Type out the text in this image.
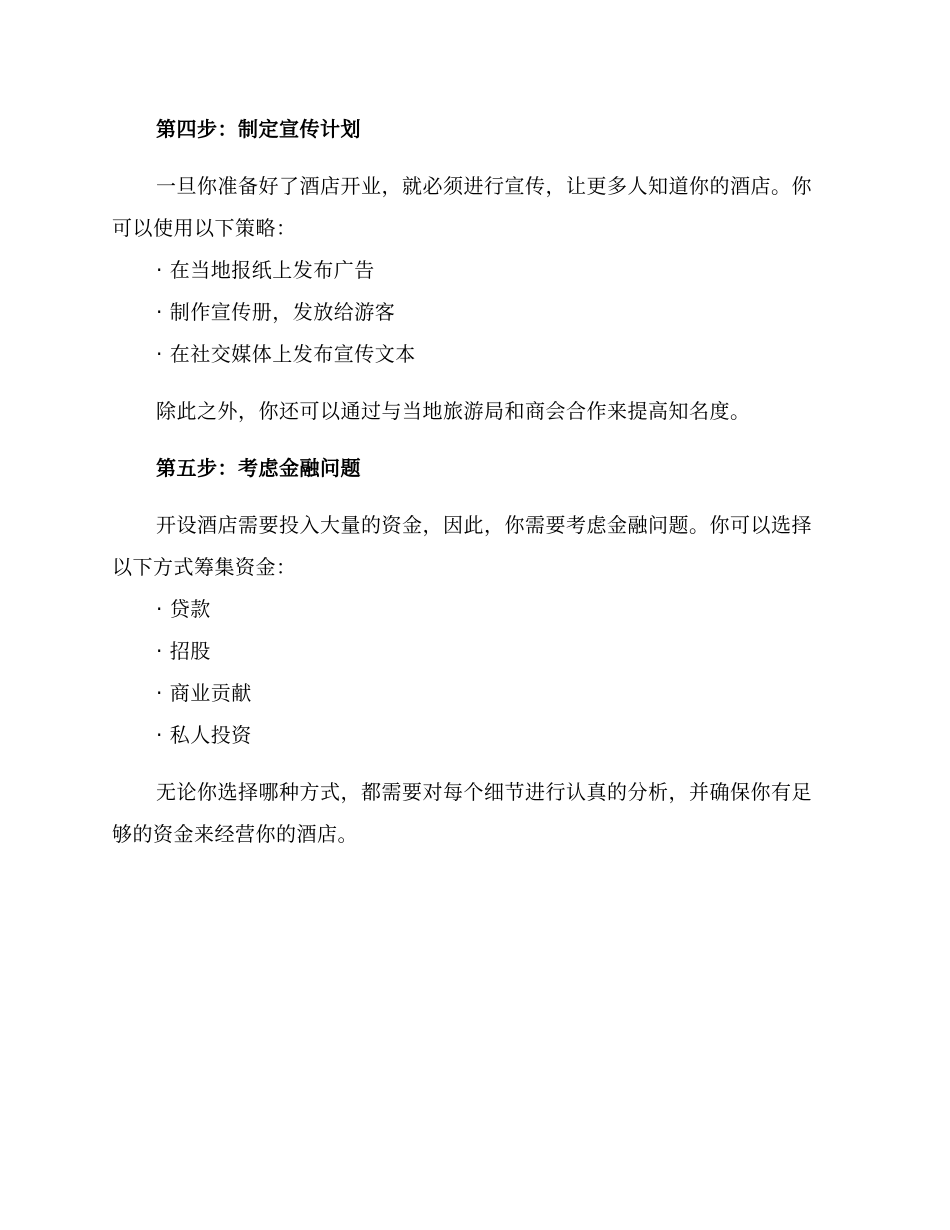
第四步：制定宣传计划

一旦你准备好了酒店开业，就必须进行宣传，让更多人知道你的酒店。你可以使用以下策略：

· 在当地报纸上发布广告

· 制作宣传册，发放给游客

· 在社交媒体上发布宣传文本

除此之外，你还可以通过与当地旅游局和商会合作来提高知名度。

第五步：考虑金融问题

开设酒店需要投入大量的资金，因此，你需要考虑金融问题。你可以选择以下方式筹集资金：

· 贷款

· 招股

· 商业贡献

· 私人投资

无论你选择哪种方式，都需要对每个细节进行认真的分析，并确保你有足够的资金来经营你的酒店。
